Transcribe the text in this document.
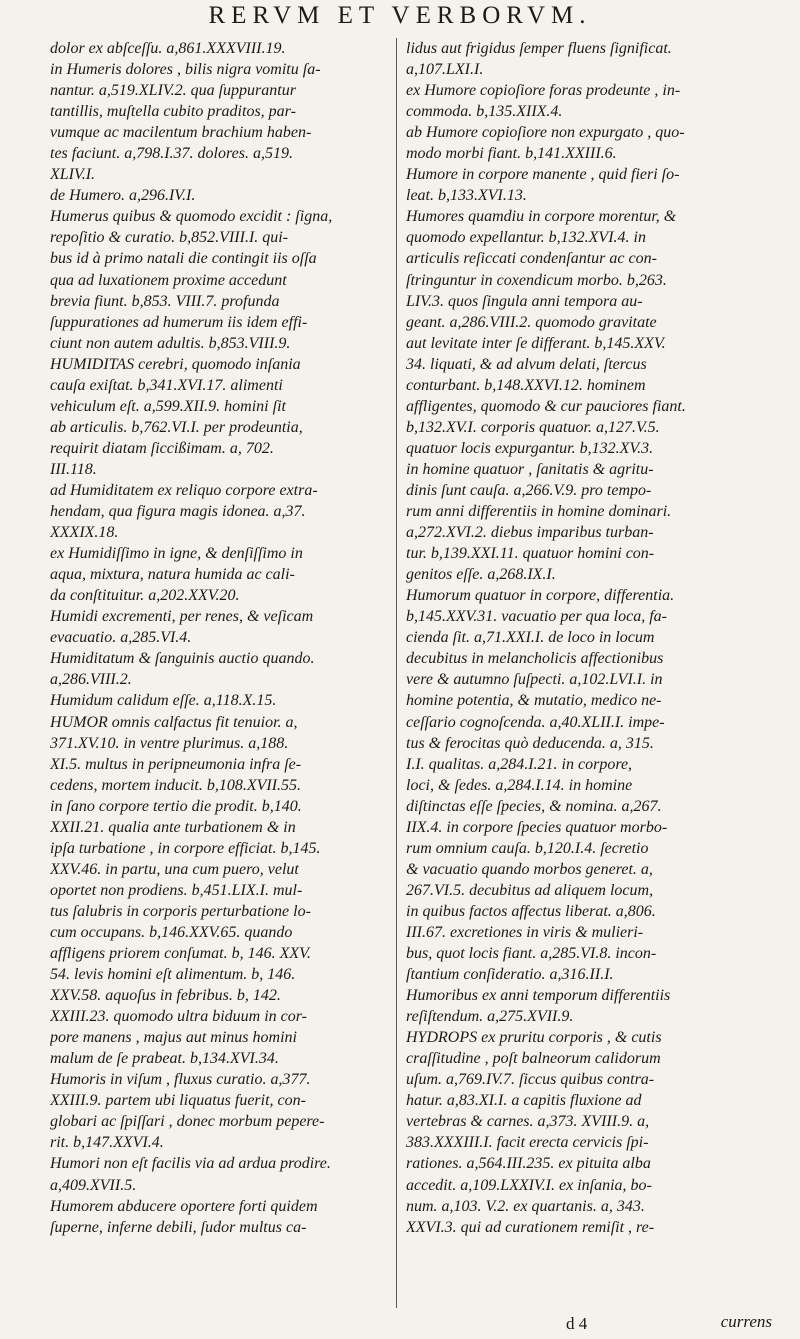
RERVM ET VERBORVM.
dolor ex abſceſſu. a,861.XXXVIII.19.
in Humeris dolores , bilis nigra vomitu ſa-
nantur. a,519.XLIV.2. qua ſuppurantur
tantillis, muſtella cubito praditos, par-
vumque ac macilentum brachium haben-
tes faciunt. a,798.I.37. dolores. a,519.
XLIV.I.
de Humero. a,296.IV.I.
Humerus quibus & quomodo excidit : ſigna,
repoſitio & curatio. b,852.VIII.I. qui-
bus id à primo natali die contingit iis oſſa
qua ad luxationem proxime accedunt
brevia fiunt. b,853. VIII.7. profunda
ſuppurationes ad humerum iis idem effi-
ciunt non autem adultis. b,853.VIII.9.
HUMIDITAS cerebri, quomodo inſania
cauſa exiſtat. b,341.XVI.17. alimenti
vehiculum eſt. a,599.XII.9. homini ſit
ab articulis. b,762.VI.I. per prodeuntia,
requirit diatam ſiccißimam. a, 702.
III.118.
ad Humiditatem ex reliquo corpore extra-
hendam, qua figura magis idonea. a,37.
XXXIX.18.
ex Humidiſſimo in igne, & denſiſſimo in
aqua, mixtura, natura humida ac cali-
da conſtituitur. a,202.XXV.20.
Humidi excrementi, per renes, & veſicam
evacuatio. a,285.VI.4.
Humiditatum & ſanguinis auctio quando.
a,286.VIII.2.
Humidum calidum eſſe. a,118.X.15.
HUMOR omnis calfactus fit tenuior. a,
371.XV.10. in ventre plurimus. a,188.
XI.5. multus in peripneumonia infra ſe-
cedens, mortem inducit. b,108.XVII.55.
in ſano corpore tertio die prodit. b,140.
XXII.21. qualia ante turbationem & in
ipſa turbatione , in corpore efficiat. b,145.
XXV.46. in partu, una cum puero, velut
oportet non prodiens. b,451.LIX.I. mul-
tus ſalubris in corporis perturbatione lo-
cum occupans. b,146.XXV.65. quando
affligens priorem conſumat. b, 146. XXV.
54. levis homini eſt alimentum. b, 146.
XXV.58. aquoſus in febribus. b, 142.
XXIII.23. quomodo ultra biduum in cor-
pore manens , majus aut minus homini
malum de ſe prabeat. b,134.XVI.34.
Humoris in viſum , fluxus curatio. a,377.
XXIII.9. partem ubi liquatus fuerit, con-
globari ac ſpiſſari , donec morbum pepere-
rit. b,147.XXVI.4.
Humori non eſt facilis via ad ardua prodire.
a,409.XVII.5.
Humorem abducere oportere forti quidem
ſuperne, inferne debili, ſudor multus ca-
lidus aut frigidus ſemper fluens ſignificat.
a,107.LXI.I.
ex Humore copioſiore foras prodeunte , in-
commoda. b,135.XIIX.4.
ab Humore copioſiore non expurgato , quo-
modo morbi fiant. b,141.XXIII.6.
Humore in corpore manente , quid fieri ſo-
leat. b,133.XVI.13.
Humores quamdiu in corpore morentur, &
quomodo expellantur. b,132.XVI.4. in
articulis reſiccati condenſantur ac con-
ſtringuntur in coxendicum morbo. b,263.
LIV.3. quos ſingula anni tempora au-
geant. a,286.VIII.2. quomodo gravitate
aut levitate inter ſe differant. b,145.XXV.
34. liquati, & ad alvum delati, ſtercus
conturbant. b,148.XXVI.12. hominem
affligentes, quomodo & cur pauciores fiant.
b,132.XV.I. corporis quatuor. a,127.V.5.
quatuor locis expurgantur. b,132.XV.3.
in homine quatuor , ſanitatis & agritu-
dinis ſunt cauſa. a,266.V.9. pro tempo-
rum anni differentiis in homine dominari.
a,272.XVI.2. diebus imparibus turban-
tur. b,139.XXI.11. quatuor homini con-
genitos eſſe. a,268.IX.I.
Humorum quatuor in corpore, differentia.
b,145.XXV.31. vacuatio per qua loca, fa-
cienda ſit. a,71.XXI.I. de loco in locum
decubitus in melancholicis affectionibus
vere & autumno ſuſpecti. a,102.LVI.I. in
homine potentia, & mutatio, medico ne-
ceſſario cognoſcenda. a,40.XLII.I. impe-
tus & ferocitas quò deducenda. a, 315.
I.I. qualitas. a,284.I.21. in corpore,
loci, & ſedes. a,284.I.14. in homine
diſtinctas eſſe ſpecies, & nomina. a,267.
IIX.4. in corpore ſpecies quatuor morbo-
rum omnium cauſa. b,120.I.4. ſecretio
& vacuatio quando morbos generet. a,
267.VI.5. decubitus ad aliquem locum,
in quibus factos affectus liberat. a,806.
III.67. excretiones in viris & mulieri-
bus, quot locis fiant. a,285.VI.8. incon-
ſtantium conſideratio. a,316.II.I.
Humoribus ex anni temporum differentiis
reſiſtendum. a,275.XVII.9.
HYDROPS ex pruritu corporis , & cutis
craſſitudine , poſt balneorum calidorum
uſum. a,769.IV.7. ſiccus quibus contra-
hatur. a,83.XI.I. a capitis fluxione ad
vertebras & carnes. a,373. XVIII.9. a,
383.XXXIII.I. facit erecta cervicis ſpi-
rationes. a,564.III.235. ex pituita alba
accedit. a,109.LXXIV.I. ex inſania, bo-
num. a,103. V.2. ex quartanis. a, 343.
XXVI.3. qui ad curationem remiſit , re-
d 4	currens
